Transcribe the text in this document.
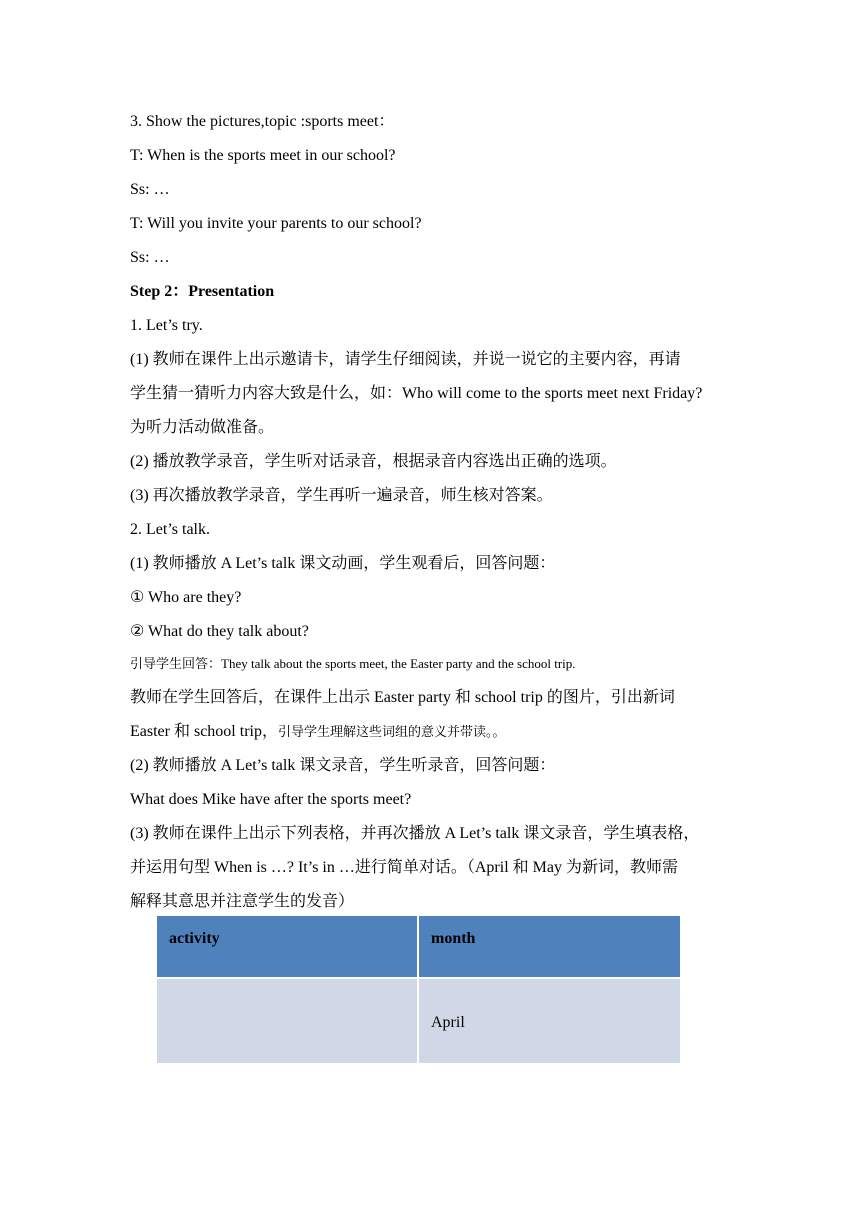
3. Show the pictures,topic :sports meet：
T: When is the sports meet in our school?
Ss: …
T: Will you invite your parents to our school?
Ss: …
Step 2：Presentation
1. Let’s try.
(1) 教师在课件上出示邀请卡，请学生仔细阅读，并说一说它的主要内容，再请
学生猜一猜听力内容大致是什么，如：Who will come to the sports meet next Friday?
为听力活动做准备。
(2) 播放教学录音，学生听对话录音，根据录音内容选出正确的选项。
(3) 再次播放教学录音，学生再听一遍录音，师生核对答案。
2. Let’s talk.
(1) 教师播放 A Let’s talk 课文动画，学生观看后，回答问题：
① Who are they?
② What do they talk about?
引导学生回答：They talk about the sports meet, the Easter party and the school trip.
教师在学生回答后，在课件上出示 Easter party 和 school trip 的图片，引出新词
Easter 和 school trip，引导学生理解这些词组的意义并带读。。
(2) 教师播放 A Let’s talk 课文录音，学生听录音，回答问题：
What does Mike have after the sports meet?
(3) 教师在课件上出示下列表格，并再次播放 A Let’s talk 课文录音，学生填表格，
并运用句型 When is …? It’s in …进行简单对话。（April 和 May 为新词，教师需
解释其意思并注意学生的发音）
activity	month
April
